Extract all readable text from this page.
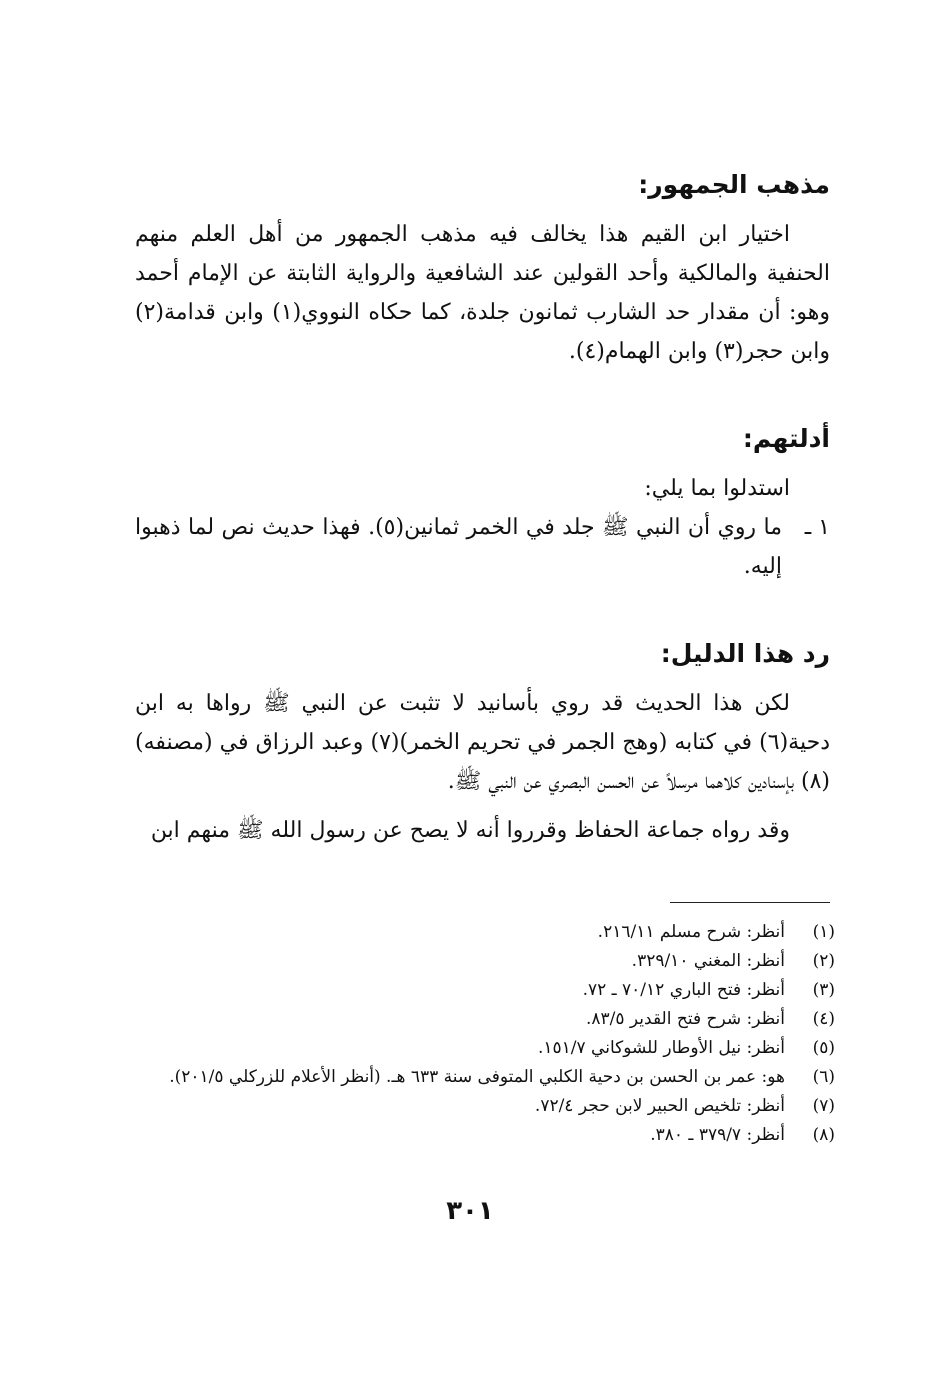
مذهب الجمهور:

اختيار ابن القيم هذا يخالف فيه مذهب الجمهور من أهل العلم منهم الحنفية والمالكية وأحد القولين عند الشافعية والرواية الثابتة عن الإمام أحمد وهو: أن مقدار حد الشارب ثمانون جلدة، كما حكاه النووي(١) وابن قدامة(٢) وابن حجر(٣) وابن الهمام(٤).

أدلتهم:

استدلوا بما يلي:

١ ـ
ما روي أن النبي ﷺ جلد في الخمر ثمانين(٥). فهذا حديث نص لما ذهبوا إليه.
رد هذا الدليل:

لكن هذا الحديث قد روي بأسانيد لا تثبت عن النبي ﷺ رواها به ابن دحية(٦) في كتابه (وهج الجمر في تحريم الخمر)(٧) وعبد الرزاق في (مصنفه)(٨) بإسنادين كلاهما مرسلاً عن الحسن البصري عن النبي ﷺ.

وقد رواه جماعة الحفاظ وقرروا أنه لا يصح عن رسول الله ﷺ منهم ابن

(١)
أنظر: شرح مسلم ٢١٦/١١.
(٢)
أنظر: المغني ٣٢٩/١٠.
(٣)
أنظر: فتح الباري ٧٠/١٢ ـ ٧٢.
(٤)
أنظر: شرح فتح القدير ٨٣/٥.
(٥)
أنظر: نيل الأوطار للشوكاني ١٥١/٧.
(٦)
هو: عمر بن الحسن بن دحية الكلبي المتوفى سنة ٦٣٣ هـ. (أنظر الأعلام للزركلي ٢٠١/٥).
(٧)
أنظر: تلخيص الحبير لابن حجر ٧٢/٤.
(٨)
أنظر: ٣٧٩/٧ ـ ٣٨٠.
٣٠١
